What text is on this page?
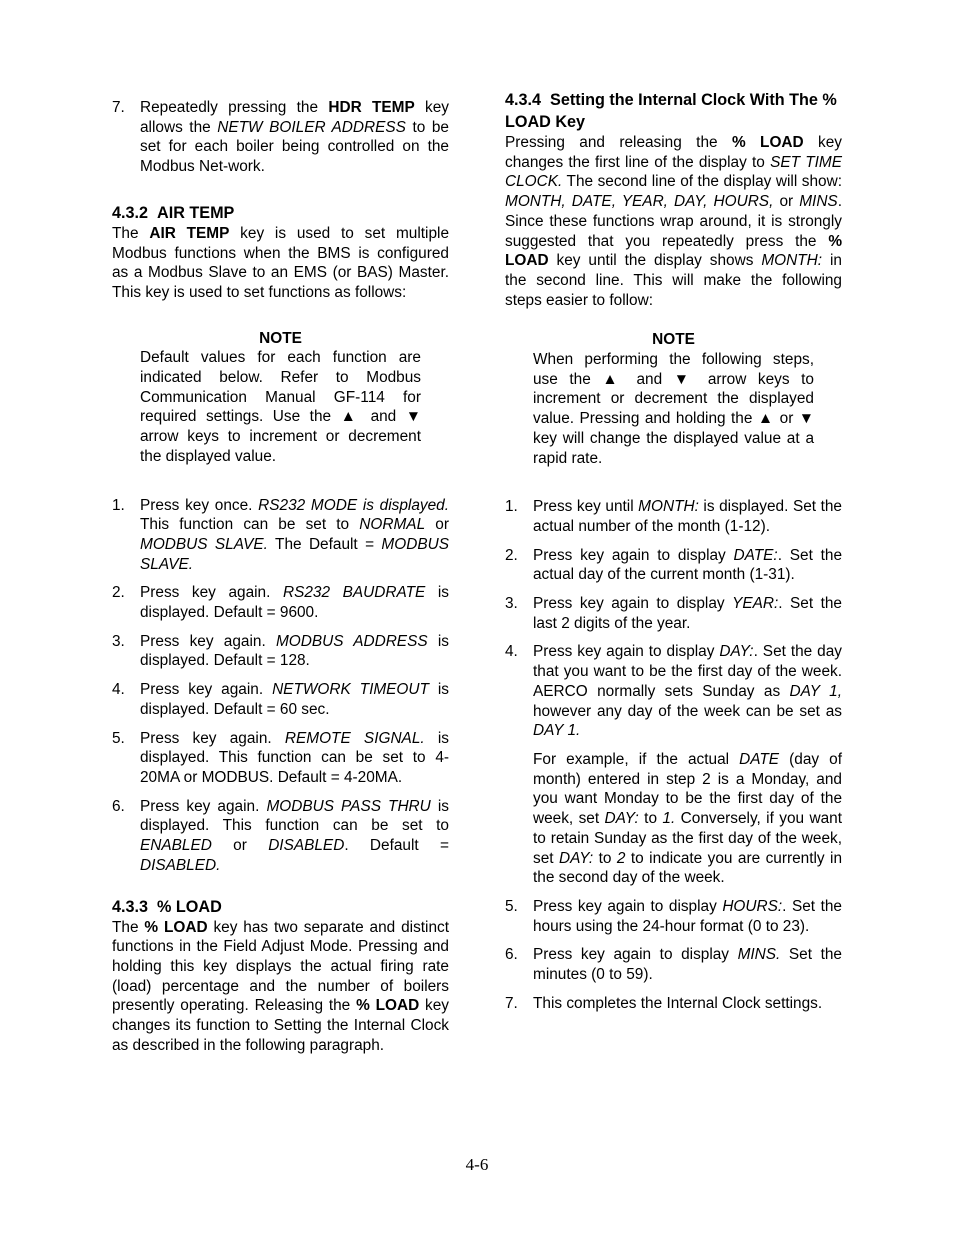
7. Repeatedly pressing the HDR TEMP key allows the NETW BOILER ADDRESS to be set for each boiler being controlled on the Modbus Net-work.

4.3.2 AIR TEMP

The AIR TEMP key is used to set multiple Modbus functions when the BMS is configured as a Modbus Slave to an EMS (or BAS) Master. This key is used to set functions as follows:

NOTE

Default values for each function are indicated below. Refer to Modbus Communication Manual GF-114 for required settings. Use the ▲ and ▼ arrow keys to increment or decrement the displayed value.

1. Press key once. RS232 MODE is displayed. This function can be set to NORMAL or MODBUS SLAVE. The Default = MODBUS SLAVE.

2. Press key again. RS232 BAUDRATE is displayed. Default = 9600.

3. Press key again. MODBUS ADDRESS is displayed. Default = 128.

4. Press key again. NETWORK TIMEOUT is displayed. Default = 60 sec.

5. Press key again. REMOTE SIGNAL. is displayed. This function can be set to 4-20MA or MODBUS. Default = 4-20MA.

6. Press key again. MODBUS PASS THRU is displayed. This function can be set to ENABLED or DISABLED. Default = DISABLED.

4.3.3 % LOAD

The % LOAD key has two separate and distinct functions in the Field Adjust Mode. Pressing and holding this key displays the actual firing rate (load) percentage and the number of boilers presently operating. Releasing the % LOAD key changes its function to Setting the Internal Clock as described in the following paragraph.

4.3.4 Setting the Internal Clock With The % LOAD Key

Pressing and releasing the % LOAD key changes the first line of the display to SET TIME CLOCK. The second line of the display will show: MONTH, DATE, YEAR, DAY, HOURS, or MINS. Since these functions wrap around, it is strongly suggested that you repeatedly press the % LOAD key until the display shows MONTH: in the second line. This will make the following steps easier to follow:

NOTE

When performing the following steps, use the ▲ and ▼ arrow keys to increment or decrement the displayed value. Pressing and holding the ▲ or ▼ key will change the displayed value at a rapid rate.

1. Press key until MONTH: is displayed. Set the actual number of the month (1-12).

2. Press key again to display DATE:. Set the actual day of the current month (1-31).

3. Press key again to display YEAR:. Set the last 2 digits of the year.

4. Press key again to display DAY:. Set the day that you want to be the first day of the week. AERCO normally sets Sunday as DAY 1, however any day of the week can be set as DAY 1.

For example, if the actual DATE (day of month) entered in step 2 is a Monday, and you want Monday to be the first day of the week, set DAY: to 1. Conversely, if you want to retain Sunday as the first day of the week, set DAY: to 2 to indicate you are currently in the second day of the week.

5. Press key again to display HOURS:. Set the hours using the 24-hour format (0 to 23).

6. Press key again to display MINS. Set the minutes (0 to 59).

7. This completes the Internal Clock settings.

4-6
